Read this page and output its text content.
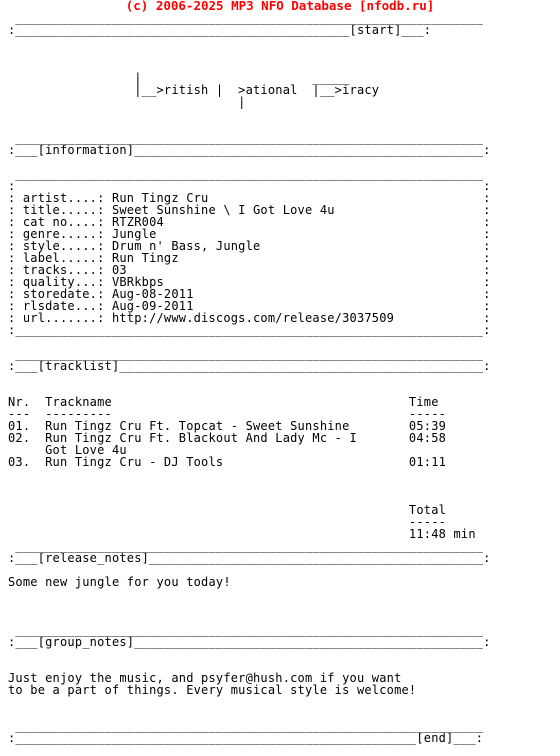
(c) 2006-2025 MP3 NFO Database [nfodb.ru]
_______________________________________________________________
:_____________________________________________[start]___:

|                       _____
|__>ritish |  >ational  |__>iracy
|

_______________________________________________________________
:___[information]_______________________________________________:

_______________________________________________________________
:                                                               :
: artist....: Run Tingz Cru                                     :
: title.....: Sweet Sunshine \ I Got Love 4u                    :
: cat no....: RTZR004                                           :
: genre.....: Jungle                                            :
: style.....: Drum n' Bass, Jungle                              :
: label.....: Run Tingz                                         :
: tracks....: 03                                                :
: quality...: VBRkbps                                           :
: storedate.: Aug-08-2011                                       :
: rlsdate...: Aug-09-2011                                       :
: url.......: http://www.discogs.com/release/3037509            :
:_______________________________________________________________:

_______________________________________________________________
:___[tracklist]_________________________________________________:

Nr.  Trackname                                        Time
---  ---------                                        -----
01.  Run Tingz Cru Ft. Topcat - Sweet Sunshine        05:39
02.  Run Tingz Cru Ft. Blackout And Lady Mc - I       04:58
Got Love 4u
03.  Run Tingz Cru - DJ Tools                         01:11

Total
-----
11:48 min
_______________________________________________________________
:___[release_notes]_____________________________________________:

Some new jungle for you today!

_______________________________________________________________
:___[group_notes]_______________________________________________:

Just enjoy the music, and psyfer@hush.com if you want
to be a part of things. Every musical style is welcome!

_______________________________________________________________
:______________________________________________________[end]___:
